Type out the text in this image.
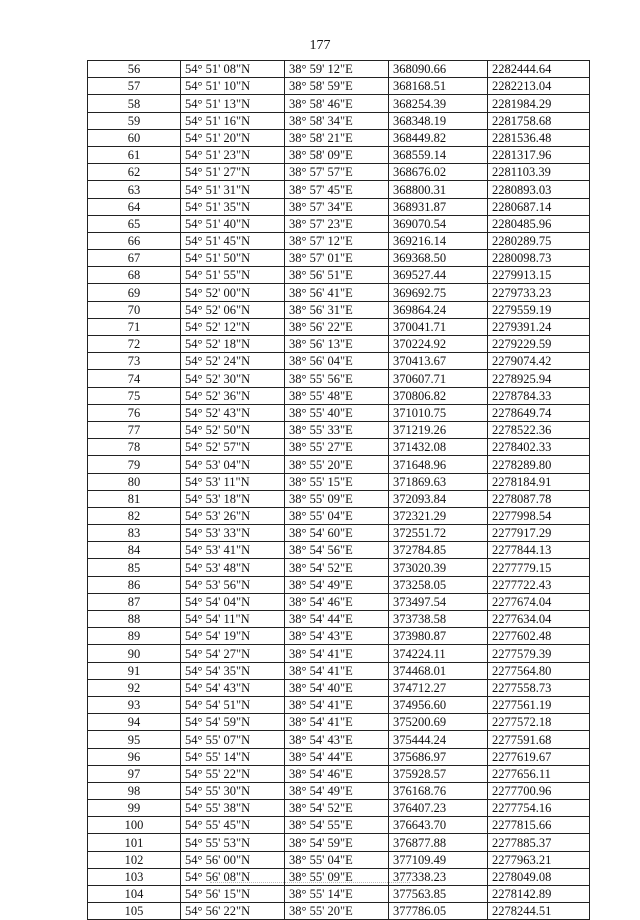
177
56	54° 51' 08"N	38° 59' 12"E	368090.66	2282444.64
57	54° 51' 10"N	38° 58' 59"E	368168.51	2282213.04
58	54° 51' 13"N	38° 58' 46"E	368254.39	2281984.29
59	54° 51' 16"N	38° 58' 34"E	368348.19	2281758.68
60	54° 51' 20"N	38° 58' 21"E	368449.82	2281536.48
61	54° 51' 23"N	38° 58' 09"E	368559.14	2281317.96
62	54° 51' 27"N	38° 57' 57"E	368676.02	2281103.39
63	54° 51' 31"N	38° 57' 45"E	368800.31	2280893.03
64	54° 51' 35"N	38° 57' 34"E	368931.87	2280687.14
65	54° 51' 40"N	38° 57' 23"E	369070.54	2280485.96
66	54° 51' 45"N	38° 57' 12"E	369216.14	2280289.75
67	54° 51' 50"N	38° 57' 01"E	369368.50	2280098.73
68	54° 51' 55"N	38° 56' 51"E	369527.44	2279913.15
69	54° 52' 00"N	38° 56' 41"E	369692.75	2279733.23
70	54° 52' 06"N	38° 56' 31"E	369864.24	2279559.19
71	54° 52' 12"N	38° 56' 22"E	370041.71	2279391.24
72	54° 52' 18"N	38° 56' 13"E	370224.92	2279229.59
73	54° 52' 24"N	38° 56' 04"E	370413.67	2279074.42
74	54° 52' 30"N	38° 55' 56"E	370607.71	2278925.94
75	54° 52' 36"N	38° 55' 48"E	370806.82	2278784.33
76	54° 52' 43"N	38° 55' 40"E	371010.75	2278649.74
77	54° 52' 50"N	38° 55' 33"E	371219.26	2278522.36
78	54° 52' 57"N	38° 55' 27"E	371432.08	2278402.33
79	54° 53' 04"N	38° 55' 20"E	371648.96	2278289.80
80	54° 53' 11"N	38° 55' 15"E	371869.63	2278184.91
81	54° 53' 18"N	38° 55' 09"E	372093.84	2278087.78
82	54° 53' 26"N	38° 55' 04"E	372321.29	2277998.54
83	54° 53' 33"N	38° 54' 60"E	372551.72	2277917.29
84	54° 53' 41"N	38° 54' 56"E	372784.85	2277844.13
85	54° 53' 48"N	38° 54' 52"E	373020.39	2277779.15
86	54° 53' 56"N	38° 54' 49"E	373258.05	2277722.43
87	54° 54' 04"N	38° 54' 46"E	373497.54	2277674.04
88	54° 54' 11"N	38° 54' 44"E	373738.58	2277634.04
89	54° 54' 19"N	38° 54' 43"E	373980.87	2277602.48
90	54° 54' 27"N	38° 54' 41"E	374224.11	2277579.39
91	54° 54' 35"N	38° 54' 41"E	374468.01	2277564.80
92	54° 54' 43"N	38° 54' 40"E	374712.27	2277558.73
93	54° 54' 51"N	38° 54' 41"E	374956.60	2277561.19
94	54° 54' 59"N	38° 54' 41"E	375200.69	2277572.18
95	54° 55' 07"N	38° 54' 43"E	375444.24	2277591.68
96	54° 55' 14"N	38° 54' 44"E	375686.97	2277619.67
97	54° 55' 22"N	38° 54' 46"E	375928.57	2277656.11
98	54° 55' 30"N	38° 54' 49"E	376168.76	2277700.96
99	54° 55' 38"N	38° 54' 52"E	376407.23	2277754.16
100	54° 55' 45"N	38° 54' 55"E	376643.70	2277815.66
101	54° 55' 53"N	38° 54' 59"E	376877.88	2277885.37
102	54° 56' 00"N	38° 55' 04"E	377109.49	2277963.21
103	54° 56' 08"N	38° 55' 09"E	377338.23	2278049.08
104	54° 56' 15"N	38° 55' 14"E	377563.85	2278142.89
105	54° 56' 22"N	38° 55' 20"E	377786.05	2278244.51
